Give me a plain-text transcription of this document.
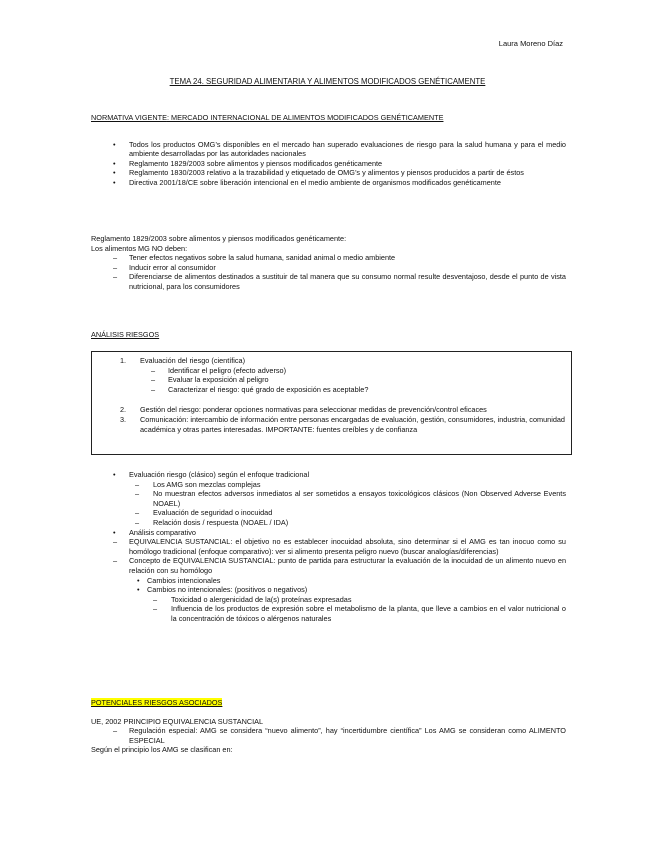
Laura Moreno Díaz
TEMA 24. SEGURIDAD ALIMENTARIA Y ALIMENTOS MODIFICADOS GENÉTICAMENTE
NORMATIVA VIGENTE: MERCADO INTERNACIONAL DE ALIMENTOS MODIFICADOS GENÉTICAMENTE
• Todos los productos OMG’s disponibles en el mercado han superado evaluaciones de riesgo para la salud humana y para el medio ambiente desarrolladas por las autoridades nacionales
• Reglamento 1829/2003 sobre alimentos y piensos modificados genéticamente
• Reglamento 1830/2003 relativo a la trazabilidad y etiquetado de OMG’s y alimentos y piensos producidos a partir de éstos
• Directiva 2001/18/CE sobre liberación intencional en el medio ambiente de organismos modificados genéticamente
Reglamento 1829/2003 sobre alimentos y piensos modificados genéticamente:
Los alimentos MG NO deben:
– Tener efectos negativos sobre la salud humana, sanidad animal o medio ambiente
– Inducir error al consumidor
– Diferenciarse de alimentos destinados a sustituir de tal manera que su consumo normal resulte desventajoso, desde el punto de vista nutricional, para los consumidores
ANÁLISIS RIESGOS
1. Evaluación del riesgo (científica)
– Identificar el peligro (efecto adverso)
– Evaluar la exposición al peligro
– Caracterizar el riesgo: qué grado de exposición es aceptable?
2. Gestión del riesgo: ponderar opciones normativas para seleccionar medidas de prevención/control eficaces
3. Comunicación: intercambio de información entre personas encargadas de evaluación, gestión, consumidores, industria, comunidad académica y otras partes interesadas. IMPORTANTE: fuentes creíbles y de confianza
• Evaluación riesgo (clásico) según el enfoque tradicional
– Los AMG son mezclas complejas
– No muestran efectos adversos inmediatos al ser sometidos a ensayos toxicológicos clásicos (Non Observed Adverse Events NOAEL)
– Evaluación de seguridad o inocuidad
– Relación dosis / respuesta (NOAEL / IDA)
• Análisis comparativo
– EQUIVALENCIA SUSTANCIAL: el objetivo no es establecer inocuidad absoluta, sino determinar si el AMG es tan inocuo como su homólogo tradicional (enfoque comparativo): ver si alimento presenta peligro nuevo (buscar analogías/diferencias)
– Concepto de EQUIVALENCIA SUSTANCIAL: punto de partida para estructurar la evaluación de la inocuidad de un alimento nuevo en relación con su homólogo
• Cambios intencionales
• Cambios no intencionales: (positivos o negativos)
– Toxicidad o alergenicidad de la(s) proteínas expresadas
– Influencia de los productos de expresión sobre el metabolismo de la planta, que lleve a cambios en el valor nutricional o la concentración de tóxicos o alérgenos naturales
POTENCIALES RIESGOS ASOCIADOS
UE, 2002 PRINCIPIO EQUIVALENCIA SUSTANCIAL
– Regulación especial: AMG se considera “nuevo alimento”, hay “incertidumbre científica” Los AMG se consideran como ALIMENTO ESPECIAL
Según el principio los AMG se clasifican en:
